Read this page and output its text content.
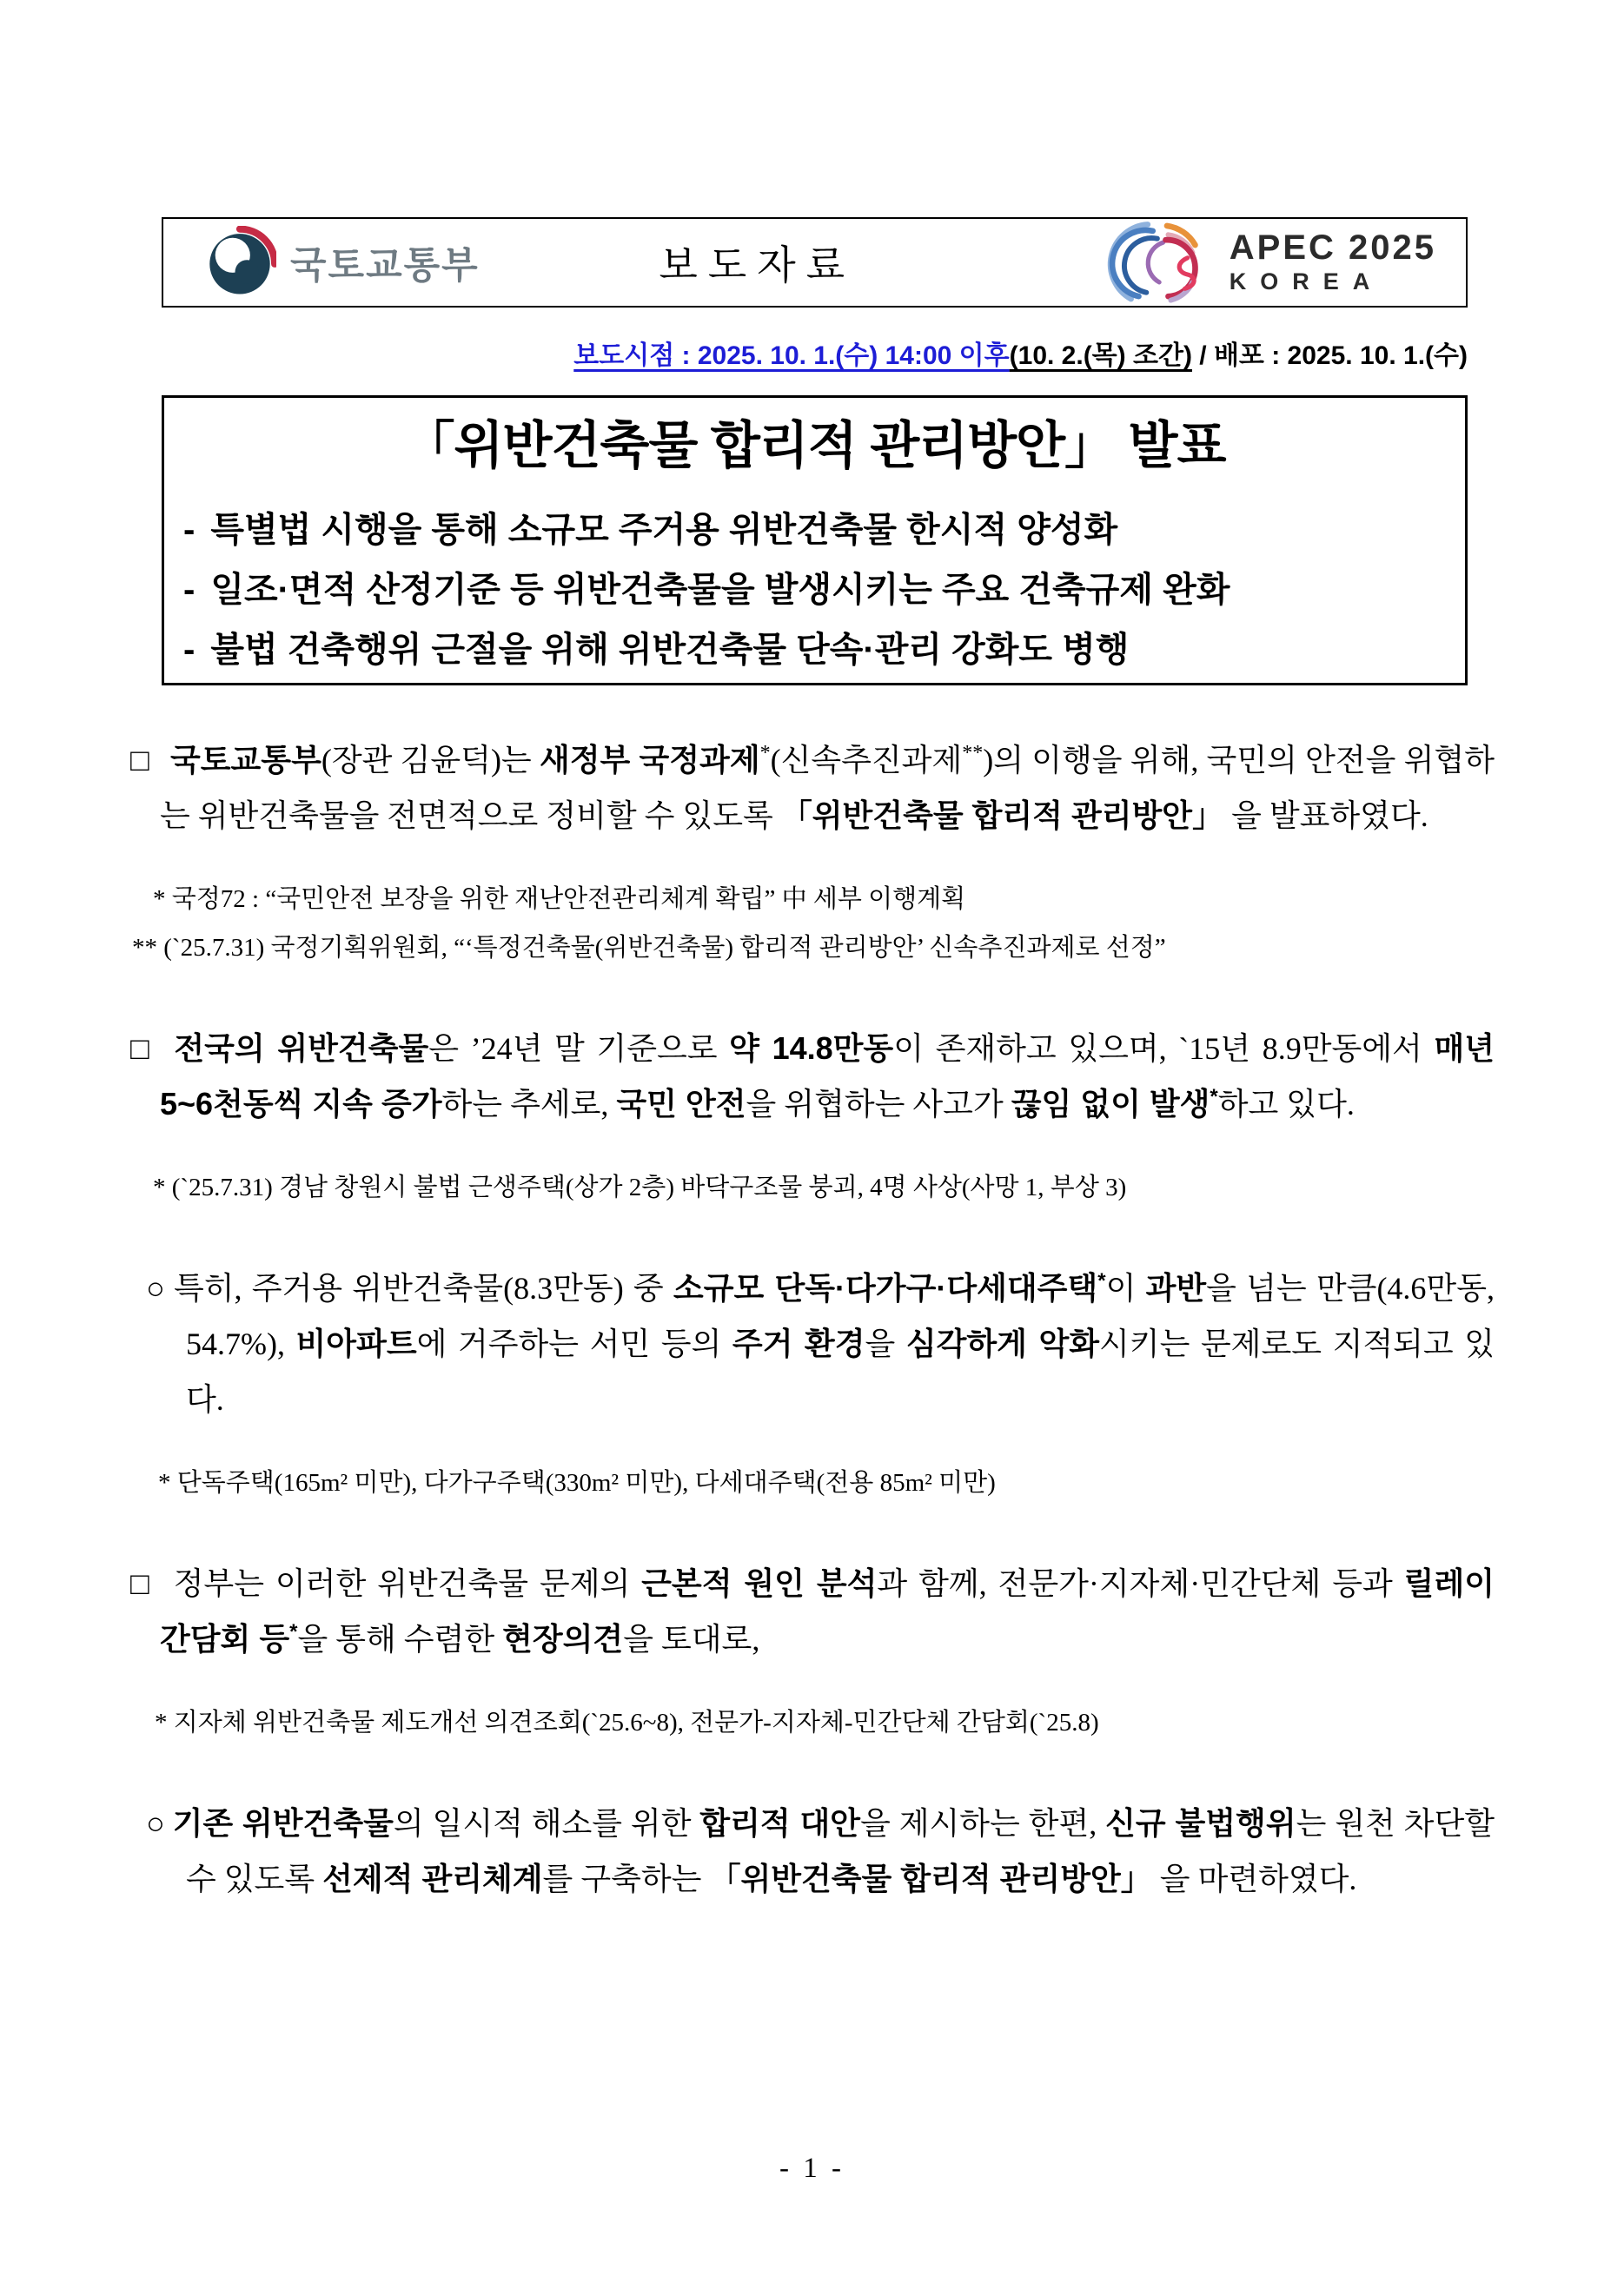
국토교통부	보도자료	APEC 2025
KOREA
보도시점 : 2025. 10. 1.(수) 14:00 이후(10. 2.(목) 조간) / 배포 : 2025. 10. 1.(수)
「위반건축물 합리적 관리방안」 발표
- 특별법 시행을 통해 소규모 주거용 위반건축물 한시적 양성화
- 일조·면적 산정기준 등 위반건축물을 발생시키는 주요 건축규제 완화
- 불법 건축행위 근절을 위해 위반건축물 단속·관리 강화도 병행
□ 국토교통부(장관 김윤덕)는 새정부 국정과제*(신속추진과제**)의 이행을 위해, 국민의 안전을 위협하는 위반건축물을 전면적으로 정비할 수 있도록 「위반건축물 합리적 관리방안」 을 발표하였다.
* 국정72 : “국민안전 보장을 위한 재난안전관리체계 확립” 中 세부 이행계획
** (`25.7.31) 국정기획위원회, “‘특정건축물(위반건축물) 합리적 관리방안’ 신속추진과제로 선정”
□ 전국의 위반건축물은 ’24년 말 기준으로 약 14.8만동이 존재하고 있으며, `15년 8.9만동에서 매년 5~6천동씩 지속 증가하는 추세로, 국민 안전을 위협하는 사고가 끊임 없이 발생*하고 있다.
* (`25.7.31) 경남 창원시 불법 근생주택(상가 2층) 바닥구조물 붕괴, 4명 사상(사망 1, 부상 3)
○ 특히, 주거용 위반건축물(8.3만동) 중 소규모 단독·다가구·다세대주택*이 과반을 넘는 만큼(4.6만동, 54.7%), 비아파트에 거주하는 서민 등의 주거 환경을 심각하게 악화시키는 문제로도 지적되고 있다.
* 단독주택(165m² 미만), 다가구주택(330m² 미만), 다세대주택(전용 85m² 미만)
□ 정부는 이러한 위반건축물 문제의 근본적 원인 분석과 함께, 전문가·지자체·민간단체 등과 릴레이 간담회 등*을 통해 수렴한 현장의견을 토대로,
* 지자체 위반건축물 제도개선 의견조회(`25.6~8), 전문가-지자체-민간단체 간담회(`25.8)
○ 기존 위반건축물의 일시적 해소를 위한 합리적 대안을 제시하는 한편, 신규 불법행위는 원천 차단할 수 있도록 선제적 관리체계를 구축하는 「위반건축물 합리적 관리방안」 을 마련하였다.
- 1 -
